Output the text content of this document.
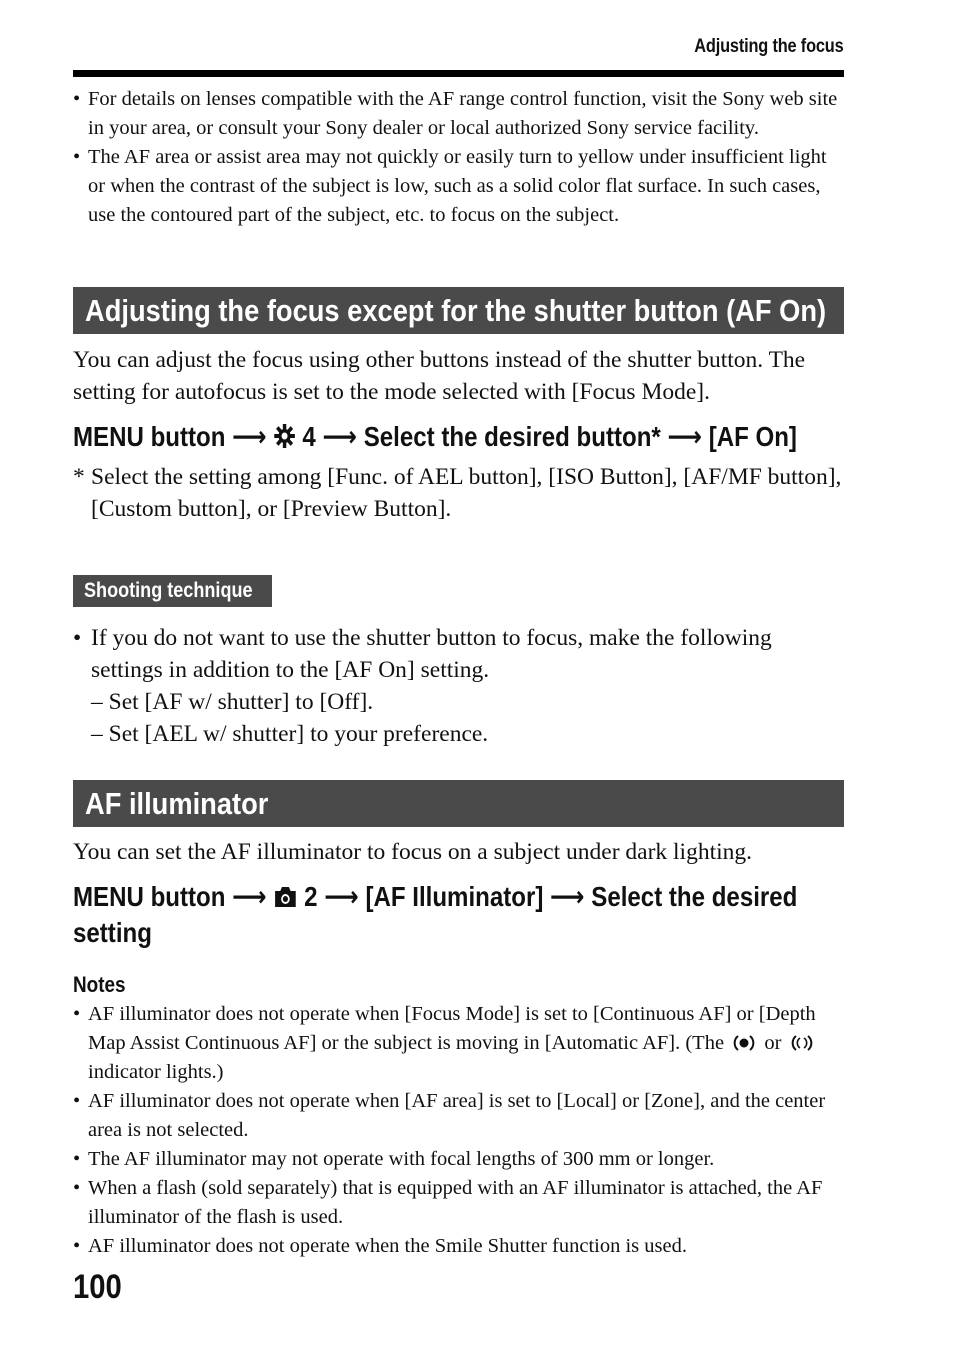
Adjusting the focus
• For details on lenses compatible with the AF range control function, visit the Sony web site in your area, or consult your Sony dealer or local authorized Sony service facility.
• The AF area or assist area may not quickly or easily turn to yellow under insufficient light or when the contrast of the subject is low, such as a solid color flat surface. In such cases, use the contoured part of the subject, etc. to focus on the subject.
Adjusting the focus except for the shutter button (AF On)
You can adjust the focus using other buttons instead of the shutter button. The setting for autofocus is set to the mode selected with [Focus Mode].
MENU button ⟶ 4 ⟶ Select the desired button* ⟶ [AF On]
* Select the setting among [Func. of AEL button], [ISO Button], [AF/MF button], [Custom button], or [Preview Button].
Shooting technique
• If you do not want to use the shutter button to focus, make the following settings in addition to the [AF On] setting.
– Set [AF w/ shutter] to [Off].
– Set [AEL w/ shutter] to your preference.
AF illuminator
You can set the AF illuminator to focus on a subject under dark lighting.
MENU button ⟶ 2 ⟶ [AF Illuminator] ⟶ Select the desired
setting
Notes
• AF illuminator does not operate when [Focus Mode] is set to [Continuous AF] or [Depth Map Assist Continuous AF] or the subject is moving in [Automatic AF]. (The or  indicator lights.)
• AF illuminator does not operate when [AF area] is set to [Local] or [Zone], and the center area is not selected.
• The AF illuminator may not operate with focal lengths of 300 mm or longer.
• When a flash (sold separately) that is equipped with an AF illuminator is attached, the AF illuminator of the flash is used.
• AF illuminator does not operate when the Smile Shutter function is used.
100
